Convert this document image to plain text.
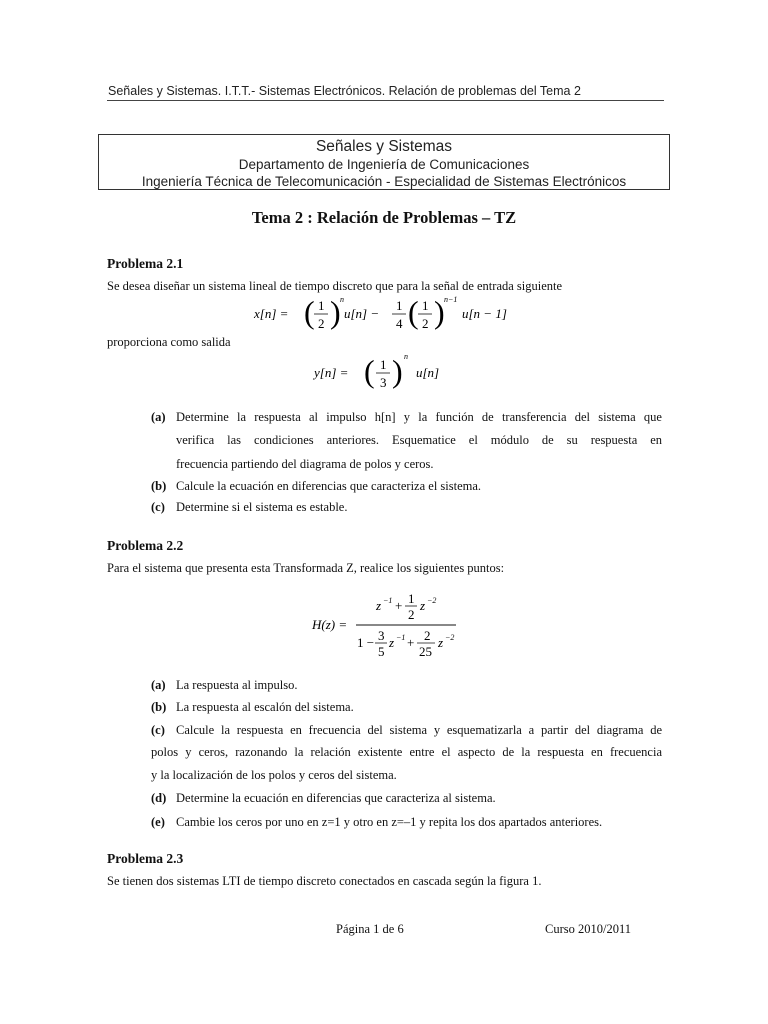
Señales y Sistemas. I.T.T.- Sistemas Electrónicos. Relación de problemas del Tema 2
Señales y Sistemas
Departamento de Ingeniería de Comunicaciones
Ingeniería Técnica de Telecomunicación - Especialidad de Sistemas Electrónicos
Tema 2 : Relación de Problemas – TZ
Problema 2.1
Se desea diseñar un sistema lineal de tiempo discreto que para la señal de entrada siguiente
x[n] = ( 1
2 ) n
u[n] −
1
4 ( 1
2 ) n−1
u[n − 1]
proporciona como salida
y[n] = ( 1
3 ) n
u[n]
(a) Determine la respuesta al impulso h[n] y la función de transferencia del sistema que
verifica las condiciones anteriores. Esquematice el módulo de su respuesta en
frecuencia partiendo del diagrama de polos y ceros.
(b) Calcule la ecuación en diferencias que caracteriza el sistema.
(c) Determine si el sistema es estable.
Problema 2.2
Para el sistema que presenta esta Transformada Z, realice los siguientes puntos:
H(z) =
z −1 + 1
2
z −2
1 − 3
5
z −1 + 2
25
z −2
(a) La respuesta al impulso.
(b) La respuesta al escalón del sistema.
(c) Calcule la respuesta en frecuencia del sistema y esquematizarla a partir del diagrama de
polos y ceros, razonando la relación existente entre el aspecto de la respuesta en frecuencia
y la localización de los polos y ceros del sistema.
(d) Determine la ecuación en diferencias que caracteriza al sistema.
(e) Cambie los ceros por uno en z=1 y otro en z=–1 y repita los dos apartados anteriores.
Problema 2.3
Se tienen dos sistemas LTI de tiempo discreto conectados en cascada según la figura 1.
Página 1 de 6	Curso 2010/2011
